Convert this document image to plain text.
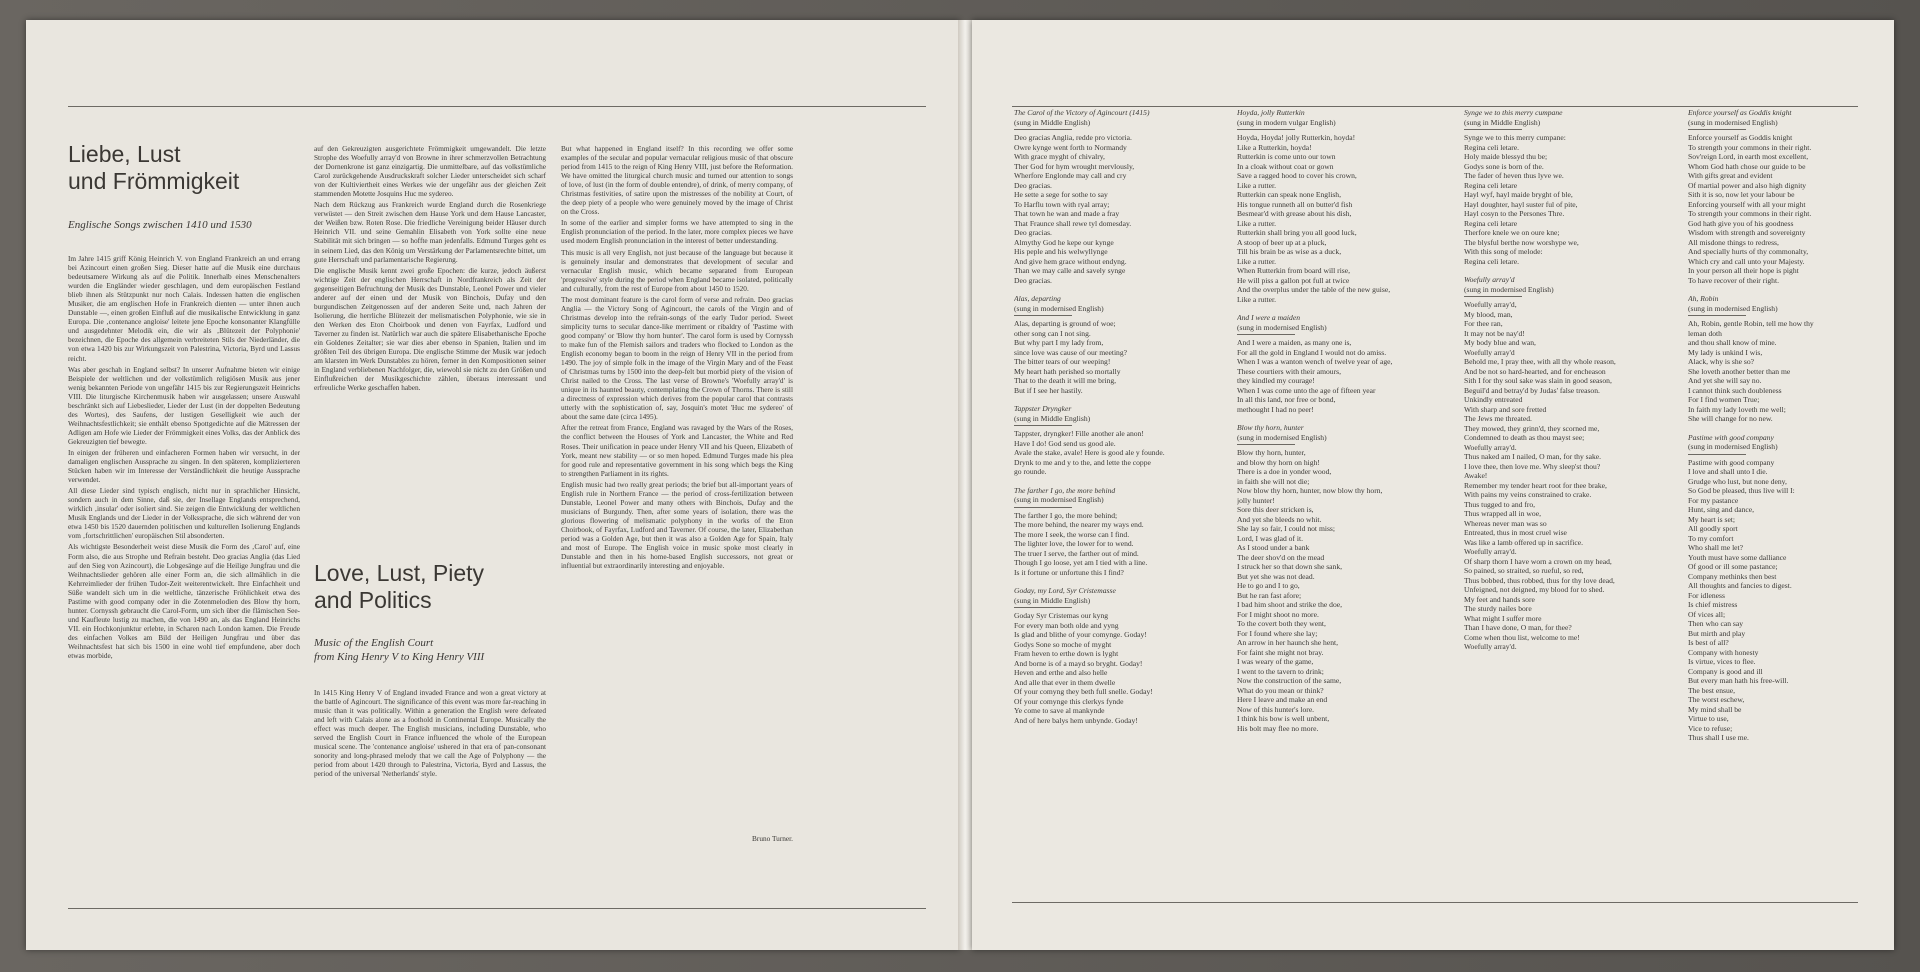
Liebe, Lust
und Frömmigkeit
Englische Songs zwischen 1410 und 1530

Im Jahre 1415 griff König Heinrich V. von England Frankreich an und errang bei Azincourt einen großen Sieg. Dieser hatte auf die Musik eine durchaus bedeutsamere Wirkung als auf die Politik. Innerhalb eines Menschenalters wurden die Engländer wieder geschlagen, und dem europäischen Festland blieb ihnen als Stützpunkt nur noch Calais. Indessen hatten die englischen Musiker, die am englischen Hofe in Frankreich dienten — unter ihnen auch Dunstable —, einen großen Einfluß auf die musikalische Entwicklung in ganz Europa. Die ‚contenance angloise' leitete jene Epoche konsonanter Klangfülle und ausgedehnter Melodik ein, die wir als ‚Blütezeit der Polyphonie' bezeichnen, die Epoche des allgemein verbreiteten Stils der Niederländer, die von etwa 1420 bis zur Wirkungszeit von Palestrina, Victoria, Byrd und Lassus reicht.

Was aber geschah in England selbst? In unserer Aufnahme bieten wir einige Beispiele der weltlichen und der volkstümlich religiösen Musik aus jener wenig bekannten Periode von ungefähr 1415 bis zur Regierungszeit Heinrichs VIII. Die liturgische Kirchenmusik haben wir ausgelassen; unsere Auswahl beschränkt sich auf Liebeslieder, Lieder der Lust (in der doppelten Bedeutung des Wortes), des Saufens, der lustigen Geselligkeit wie auch der Weihnachtsfestlichkeit; sie enthält ebenso Spottgedichte auf die Mätressen der Adligen am Hofe wie Lieder der Frömmigkeit eines Volks, das der Anblick des Gekreuzigten tief bewegte.

In einigen der früheren und einfacheren Formen haben wir versucht, in der damaligen englischen Aussprache zu singen. In den späteren, komplizierteren Stücken haben wir im Interesse der Verständlichkeit die heutige Aussprache verwendet.

All diese Lieder sind typisch englisch, nicht nur in sprachlicher Hinsicht, sondern auch in dem Sinne, daß sie, der Insellage Englands entsprechend, wirklich ‚insular' oder isoliert sind. Sie zeigen die Entwicklung der weltlichen Musik Englands und der Lieder in der Volkssprache, die sich während der von etwa 1450 bis 1520 dauernden politischen und kulturellen Isolierung Englands vom ‚fortschrittlichen' europäischen Stil absonderten.

Als wichtigste Besonderheit weist diese Musik die Form des ‚Carol' auf, eine Form also, die aus Strophe und Refrain besteht. Deo gracias Anglia (das Lied auf den Sieg von Azincourt), die Lobgesänge auf die Heilige Jungfrau und die Weihnachtslieder gehören alle einer Form an, die sich allmählich in die Kehrreimlieder der frühen Tudor-Zeit weiterentwickelt. Ihre Einfachheit und Süße wandelt sich um in die weltliche, tänzerische Fröhlichkeit etwa des Pastime with good company oder in die Zotenmelodien des Blow thy horn, hunter. Cornyssh gebraucht die Carol-Form, um sich über die flämischen See- und Kaufleute lustig zu machen, die von 1490 an, als das England Heinrichs VII. ein Hochkonjunktur erlebte, in Scharen nach London kamen. Die Freude des einfachen Volkes am Bild der Heiligen Jungfrau und über das Weihnachtsfest hat sich bis 1500 in eine wohl tief empfundene, aber doch etwas morbide,

auf den Gekreuzigten ausgerichtete Frömmigkeit umgewandelt. Die letzte Strophe des Woefully array'd von Browne in ihrer schmerzvollen Betrachtung der Dornenkrone ist ganz einzigartig. Die unmittelbare, auf das volkstümliche Carol zurückgehende Ausdruckskraft solcher Lieder unterscheidet sich scharf von der Kultiviertheit eines Werkes wie der ungefähr aus der gleichen Zeit stammenden Motette Josquins Huc me sydereo.

Nach dem Rückzug aus Frankreich wurde England durch die Rosenkriege verwüstet — den Streit zwischen dem Hause York und dem Hause Lancaster, der Weißen bzw. Roten Rose. Die friedliche Vereinigung beider Häuser durch Heinrich VII. und seine Gemahlin Elisabeth von York sollte eine neue Stabilität mit sich bringen — so hoffte man jedenfalls. Edmund Turges geht es in seinem Lied, das den König um Verstärkung der Parlamentsrechte bittet, um gute Herrschaft und parlamentarische Regierung.

Die englische Musik kennt zwei große Epochen: die kurze, jedoch äußerst wichtige Zeit der englischen Herrschaft in Nordfrankreich als Zeit der gegenseitigen Befruchtung der Musik des Dunstable, Leonel Power und vieler anderer auf der einen und der Musik von Binchois, Dufay und den burgundischen Zeitgenossen auf der anderen Seite und, nach Jahren der Isolierung, die herrliche Blütezeit der melismatischen Polyphonie, wie sie in den Werken des Eton Choirbook und denen von Fayrfax, Ludford und Taverner zu finden ist. Natürlich war auch die spätere Elisabethanische Epoche ein Goldenes Zeitalter; sie war dies aber ebenso in Spanien, Italien und im größten Teil des übrigen Europa. Die englische Stimme der Musik war jedoch am klarsten im Werk Dunstables zu hören, ferner in den Kompositionen seiner in England verbliebenen Nachfolger, die, wiewohl sie nicht zu den Größen und Einflußreichen der Musikgeschichte zählen, überaus interessant und erfreuliche Werke geschaffen haben.

Love, Lust, Piety
and Politics
Music of the English Court
from King Henry V to King Henry VIII

In 1415 King Henry V of England invaded France and won a great victory at the battle of Agincourt. The significance of this event was more far-reaching in music than it was politically. Within a generation the English were defeated and left with Calais alone as a foothold in Continental Europe. Musically the effect was much deeper. The English musicians, including Dunstable, who served the English Court in France influenced the whole of the European musical scene. The 'contenance angloise' ushered in that era of pan-consonant sonority and long-phrased melody that we call the Age of Polyphony — the period from about 1420 through to Palestrina, Victoria, Byrd and Lassus, the period of the universal 'Netherlands' style.

But what happened in England itself? In this recording we offer some examples of the secular and popular vernacular religious music of that obscure period from 1415 to the reign of King Henry VIII, just before the Reformation. We have omitted the liturgical church music and turned our attention to songs of love, of lust (in the form of double entendre), of drink, of merry company, of Christmas festivities, of satire upon the mistresses of the nobility at Court, of the deep piety of a people who were genuinely moved by the image of Christ on the Cross.

In some of the earlier and simpler forms we have attempted to sing in the English pronunciation of the period. In the later, more complex pieces we have used modern English pronunciation in the interest of better understanding.

This music is all very English, not just because of the language but because it is genuinely insular and demonstrates that development of secular and vernacular English music, which became separated from European 'progressive' style during the period when England became isolated, politically and culturally, from the rest of Europe from about 1450 to 1520.

The most dominant feature is the carol form of verse and refrain. Deo gracias Anglia — the Victory Song of Agincourt, the carols of the Virgin and of Christmas develop into the refrain-songs of the early Tudor period. Sweet simplicity turns to secular dance-like merriment or ribaldry of 'Pastime with good company' or 'Blow thy horn hunter'. The carol form is used by Cornyssh to make fun of the Flemish sailors and traders who flocked to London as the English economy began to boom in the reign of Henry VII in the period from 1490. The joy of simple folk in the image of the Virgin Mary and of the Feast of Christmas turns by 1500 into the deep-felt but morbid piety of the vision of Christ nailed to the Cross. The last verse of Browne's 'Woefully array'd' is unique in its haunted beauty, contemplating the Crown of Thorns. There is still a directness of expression which derives from the popular carol that contrasts utterly with the sophistication of, say, Josquin's motet 'Huc me sydereo' of about the same date (circa 1495).

After the retreat from France, England was ravaged by the Wars of the Roses, the conflict between the Houses of York and Lancaster, the White and Red Roses. Their unification in peace under Henry VII and his Queen, Elizabeth of York, meant new stability — or so men hoped. Edmund Turges made his plea for good rule and representative government in his song which begs the King to strengthen Parliament in its rights.

English music had two really great periods; the brief but all-important years of English rule in Northern France — the period of cross-fertilization between Dunstable, Leonel Power and many others with Binchois, Dufay and the musicians of Burgundy. Then, after some years of isolation, there was the glorious flowering of melismatic polyphony in the works of the Eton Choirbook, of Fayrfax, Ludford and Taverner. Of course, the later, Elizabethan period was a Golden Age, but then it was also a Golden Age for Spain, Italy and most of Europe. The English voice in music spoke most clearly in Dunstable and then in his home-based English successors, not great or influential but extraordinarily interesting and enjoyable.

Bruno Turner.
The Carol of the Victory of Agincourt (1415)
(sung in Middle English)
Deo gracias Anglia, redde pro victoria.
Owre kynge went forth to Normandy
With grace myght of chivalry,
Ther God for hym wrought mervlously,
Wherfore Englonde may call and cry
Deo gracias.
He sette a sege for sothe to say
To Harflu town with ryal array;
That town he wan and made a fray
That Fraunce shall rewe tyl domesday.
Deo gracias.
Almythy God he kepe our kynge
His peple and his welwyllynge
And give hem grace without endyng.
Than we may calle and savely synge
Deo gracias.
Alas, departing
(sung in modernised English)
Alas, departing is ground of woe;
other song can I not sing.
But why part I my lady from,
since love was cause of our meeting?
The bitter tears of our weeping!
My heart hath perished so mortally
That to the death it will me bring,
But if I see her hastily.
Tappster Dryngker
(sung in Middle English)
Tappster, dryngker! Fille another ale anon!
Have I do! God send us good ale.
Avale the stake, avale! Here is good ale y founde.
Drynk to me and y to the, and lette the coppe
go rounde.
The farther I go, the more behind
(sung in modernised English)
The farther I go, the more behind;
The more behind, the nearer my ways end.
The more I seek, the worse can I find.
The lighter love, the lower for to wend.
The truer I serve, the farther out of mind.
Though I go loose, yet am I tied with a line.
Is it fortune or unfortune this I find?
Goday, my Lord, Syr Cristemasse
(sung in Middle English)
Goday Syr Cristemas our kyng
For every man both olde and yyng
Is glad and blithe of your comynge. Goday!
Godys Sone so moche of myght
Fram heven to erthe down is lyght
And borne is of a mayd so bryght. Goday!
Heven and erthe and also helle
And alle that ever in them dwelle
Of your comyng they beth full snelle. Goday!
Of your comynge this clerkys fynde
Ye come to save al mankynde
And of here balys hem unbynde. Goday!
Hoyda, jolly Rutterkin
(sung in modern vulgar English)
Hoyda, Hoyda! jolly Rutterkin, hoyda!
Like a Rutterkin, hoyda!
Rutterkin is come unto our town
In a cloak without coat or gown
Save a ragged hood to cover his crown,
Like a rutter.
Rutterkin can speak none English,
His tongue runneth all on butter'd fish
Besmear'd with grease about his dish,
Like a rutter.
Rutterkin shall bring you all good luck,
A stoop of beer up at a pluck,
Till his brain be as wise as a duck,
Like a rutter.
When Rutterkin from board will rise,
He will piss a gallon pot full at twice
And the overplus under the table of the new guise,
Like a rutter.
And I were a maiden
(sung in modernised English)
And I were a maiden, as many one is,
For all the gold in England I would not do amiss.
When I was a wanton wench of twelve year of age,
These courtiers with their amours,
they kindled my courage!
When I was come unto the age of fifteen year
In all this land, nor free or bond,
methought I had no peer!
Blow thy horn, hunter
(sung in modernised English)
Blow thy horn, hunter,
and blow thy horn on high!
There is a doe in yonder wood,
in faith she will not die;
Now blow thy horn, hunter, now blow thy horn,
jolly hunter!
Sore this deer stricken is,
And yet she bleeds no whit.
She lay so fair, I could not miss;
Lord, I was glad of it.
As I stood under a bank
The deer shov'd on the mead
I struck her so that down she sank,
But yet she was not dead.
He to go and I to go,
But he ran fast afore;
I bad him shoot and strike the doe,
For I might shoot no more.
To the covert both they went,
For I found where she lay;
An arrow in her haunch she hent,
For faint she might not bray.
I was weary of the game,
I went to the tavern to drink;
Now the construction of the same,
What do you mean or think?
Here I leave and make an end
Now of this hunter's lore.
I think his bow is well unbent,
His bolt may flee no more.
Synge we to this merry cumpane
(sung in Middle English)
Synge we to this merry cumpane:
Regina celi letare.
Holy maide blessyd thu be;
Godys sone is born of the.
The fader of heven thus lyve we.
Regina celi letare
Hayl wyf, hayl maide bryght of ble,
Hayl doughter, hayl suster ful of pite,
Hayl cosyn to the Persones Thre.
Regina celi letare
Therfore knele we on oure kne;
The blysful berthe now worshype we,
With this song of melode:
Regina celi letare.
Woefully array'd
(sung in modernised English)
Woefully array'd,
My blood, man,
For thee ran,
It may not be nay'd!
My body blue and wan,
Woefully array'd
Behold me, I pray thee, with all thy whole reason,
And be not so hard-hearted, and for encheason
Sith I for thy soul sake was slain in good season,
Beguil'd and betray'd by Judas' false treason.
Unkindly entreated
With sharp and sore fretted
The Jews me threated.
They mowed, they grinn'd, they scorned me,
Condemned to death as thou mayst see;
Woefully array'd.
Thus naked am I nailed, O man, for thy sake.
I love thee, then love me. Why sleep'st thou?
Awake!
Remember my tender heart root for thee brake,
With pains my veins constrained to crake.
Thus tugged to and fro,
Thus wrapped all in woe,
Whereas never man was so
Entreated, thus in most cruel wise
Was like a lamb offered up in sacrifice.
Woefully array'd.
Of sharp thorn I have worn a crown on my head,
So pained, so straited, so rueful, so red,
Thus bobbed, thus robbed, thus for thy love dead,
Unfeigned, not deigned, my blood for to shed.
My feet and hands sore
The sturdy nailes bore
What might I suffer more
Than I have done, O man, for thee?
Come when thou list, welcome to me!
Woefully array'd.
Enforce yourself as Goddis knight
(sung in modernised English)
Enforce yourself as Goddis knight
To strength your commons in their right.
Sov'reign Lord, in earth most excellent,
Whom God hath chose our guide to be
With gifts great and evident
Of martial power and also high dignity
Sith it is so, now let your labour be
Enforcing yourself with all your might
To strength your commons in their right.
God hath give you of his goodness
Wisdom with strength and sovereignty
All misdone things to redress,
And specially hurts of thy commonalty,
Which cry and call unto your Majesty.
In your person all their hope is pight
To have recover of their right.
Ah, Robin
(sung in modernised English)
Ah, Robin, gentle Robin, tell me how thy
leman doth
and thou shall know of mine.
My lady is unkind I wis,
Alack, why is she so?
She loveth another better than me
And yet she will say no.
I cannot think such doubleness
For I find women True;
In faith my lady loveth me well;
She will change for no new.
Pastime with good company
(sung in modernised English)
Pastime with good company
I love and shall unto I die.
Grudge who lust, but none deny,
So God be pleased, thus live will I:
For my pastance
Hunt, sing and dance,
My heart is set;
All goodly sport
To my comfort
Who shall me let?
Youth must have some dalliance
Of good or ill some pastance;
Company methinks then best
All thoughts and fancies to digest.
For idleness
Is chief mistress
Of vices all;
Then who can say
But mirth and play
Is best of all?
Company with honesty
Is virtue, vices to flee.
Company is good and ill
But every man hath his free-will.
The best ensue,
The worst eschew,
My mind shall be
Virtue to use,
Vice to refuse;
Thus shall I use me.
